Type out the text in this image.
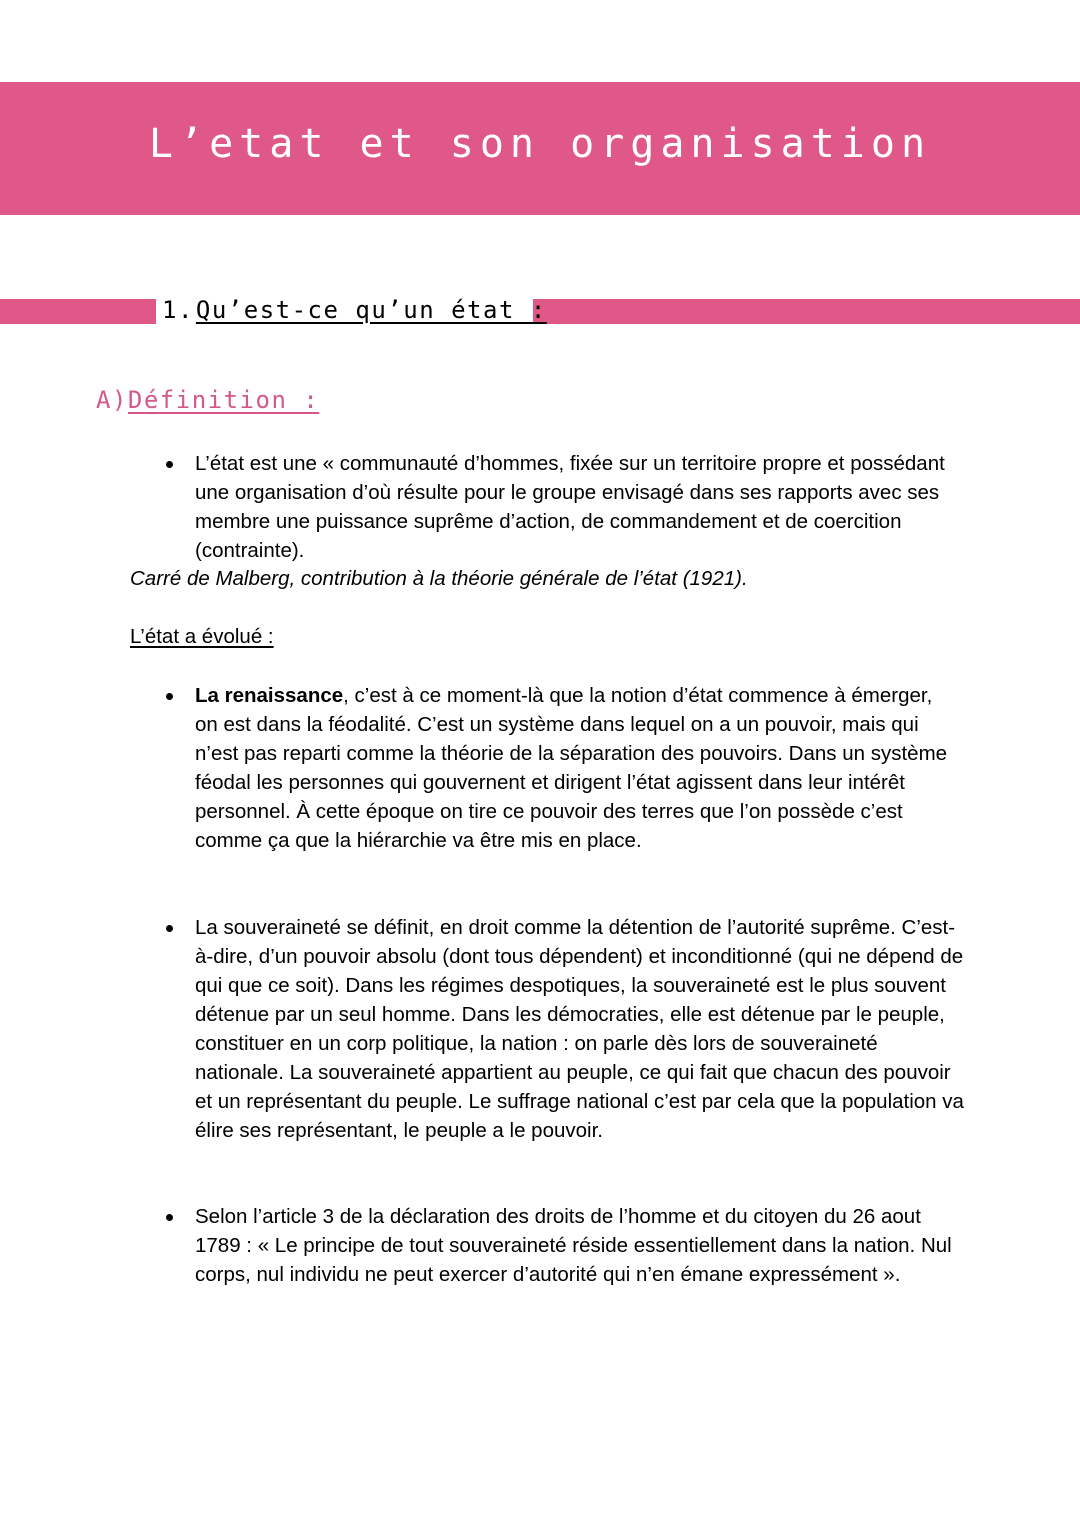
L’etat et son organisation
1.Qu’est-ce qu’un état :
A)Définition :
L’état est une « communauté d’hommes, fixée sur un territoire propre et possédant une organisation d’où résulte pour le groupe envisagé dans ses rapports avec ses membre une puissance suprême d’action, de commandement et de coercition (contrainte).
Carré de Malberg, contribution à la théorie générale de l’état (1921).
L’état a évolué :
La renaissance, c’est à ce moment-là que la notion d’état commence à émerger, on est dans la féodalité. C’est un système dans lequel on a un pouvoir, mais qui n’est pas reparti comme la théorie de la séparation des pouvoirs. Dans un système féodal les personnes qui gouvernent et dirigent l’état agissent dans leur intérêt personnel. À cette époque on tire ce pouvoir des terres que l’on possède c’est comme ça que la hiérarchie va être mis en place.
La souveraineté se définit, en droit comme la détention de l’autorité suprême. C’est-à-dire, d’un pouvoir absolu (dont tous dépendent) et inconditionné (qui ne dépend de qui que ce soit). Dans les régimes despotiques, la souveraineté est le plus souvent détenue par un seul homme. Dans les démocraties, elle est détenue par le peuple, constituer en un corp politique, la nation : on parle dès lors de souveraineté nationale. La souveraineté appartient au peuple, ce qui fait que chacun des pouvoir et un représentant du peuple. Le suffrage national c’est par cela que la population va élire ses représentant, le peuple a le pouvoir.
Selon l’article 3 de la déclaration des droits de l’homme et du citoyen du 26 aout 1789 : « Le principe de tout souveraineté réside essentiellement dans la nation. Nul corps, nul individu ne peut exercer d’autorité qui n’en émane expressément ».
